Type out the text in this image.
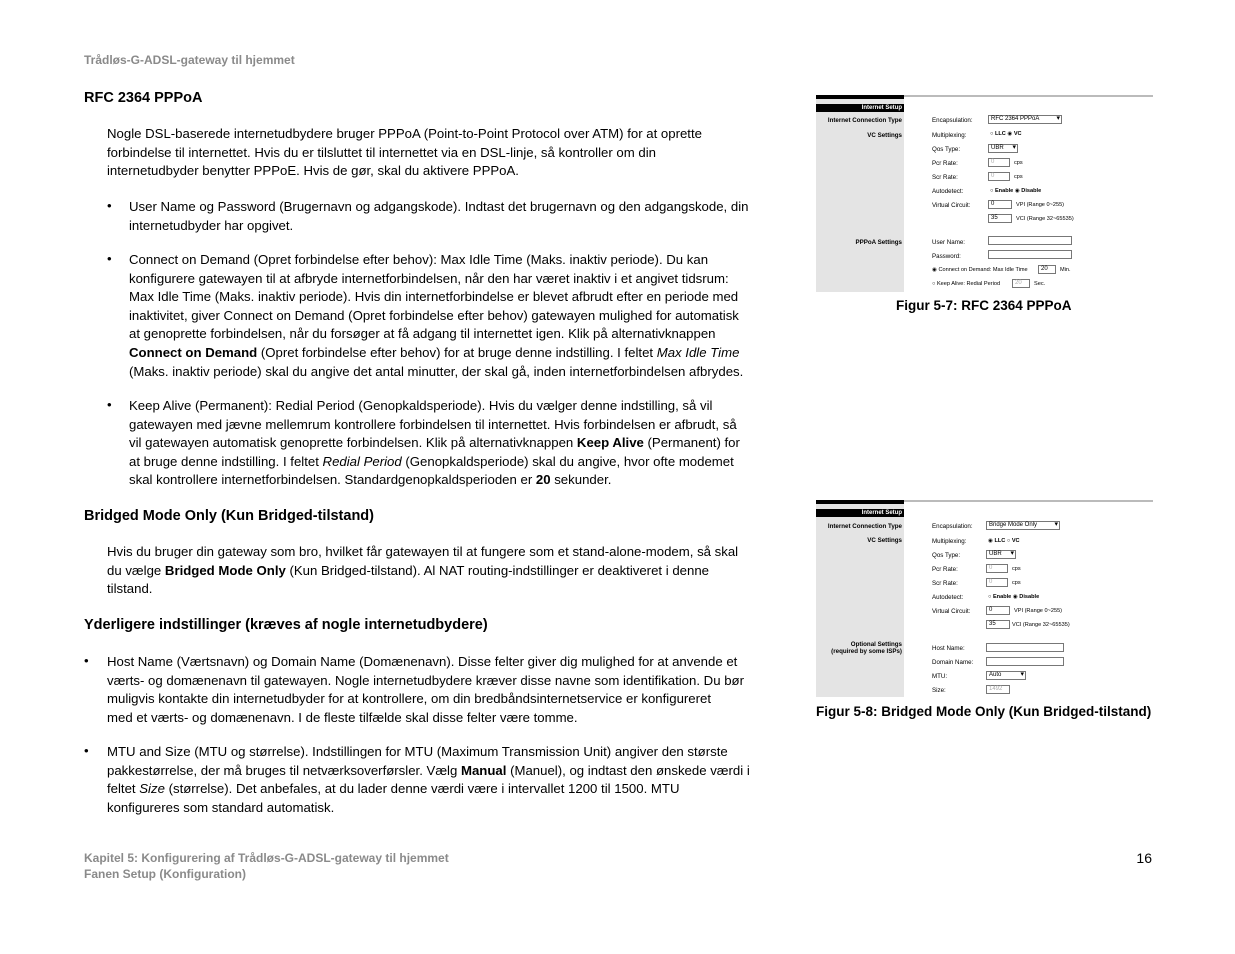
Trådløs-G-ADSL-gateway til hjemmet
RFC 2364 PPPoA
Nogle DSL-baserede internetudbydere bruger PPPoA (Point-to-Point Protocol over ATM) for at oprette
forbindelse til internettet. Hvis du er tilsluttet til internettet via en DSL-linje, så kontroller om din
internetudbyder benytter PPPoE. Hvis de gør, skal du aktivere PPPoA.
• User Name og Password (Brugernavn og adgangskode). Indtast det brugernavn og den adgangskode, din
internetudbyder har opgivet.
• Connect on Demand (Opret forbindelse efter behov): Max Idle Time (Maks. inaktiv periode). Du kan
konfigurere gatewayen til at afbryde internetforbindelsen, når den har været inaktiv i et angivet tidsrum:
Max Idle Time (Maks. inaktiv periode). Hvis din internetforbindelse er blevet afbrudt efter en periode med
inaktivitet, giver Connect on Demand (Opret forbindelse efter behov) gatewayen mulighed for automatisk
at genoprette forbindelsen, når du forsøger at få adgang til internettet igen. Klik på alternativknappen
Connect on Demand (Opret forbindelse efter behov) for at bruge denne indstilling. I feltet Max Idle Time
(Maks. inaktiv periode) skal du angive det antal minutter, der skal gå, inden internetforbindelsen afbrydes.
• Keep Alive (Permanent): Redial Period (Genopkaldsperiode). Hvis du vælger denne indstilling, så vil
gatewayen med jævne mellemrum kontrollere forbindelsen til internettet. Hvis forbindelsen er afbrudt, så
vil gatewayen automatisk genoprette forbindelsen. Klik på alternativknappen Keep Alive (Permanent) for
at bruge denne indstilling. I feltet Redial Period (Genopkaldsperiode) skal du angive, hvor ofte modemet
skal kontrollere internetforbindelsen. Standardgenopkaldsperioden er 20 sekunder.
Bridged Mode Only (Kun Bridged-tilstand)
Hvis du bruger din gateway som bro, hvilket får gatewayen til at fungere som et stand-alone-modem, så skal
du vælge Bridged Mode Only (Kun Bridged-tilstand). Al NAT routing-indstillinger er deaktiveret i denne
tilstand.
Yderligere indstillinger (kræves af nogle internetudbydere)
• Host Name (Værtsnavn) og Domain Name (Domænenavn). Disse felter giver dig mulighed for at anvende et
værts- og domænenavn til gatewayen. Nogle internetudbydere kræver disse navne som identifikation. Du bør
muligvis kontakte din internetudbyder for at kontrollere, om din bredbåndsinternetservice er konfigureret
med et værts- og domænenavn. I de fleste tilfælde skal disse felter være tomme.
• MTU and Size (MTU og størrelse). Indstillingen for MTU (Maximum Transmission Unit) angiver den største
pakkestørrelse, der må bruges til netværksoverførsler. Vælg Manual (Manuel), og indtast den ønskede værdi i
feltet Size (størrelse). Det anbefales, at du lader denne værdi være i intervallet 1200 til 1500. MTU
konfigureres som standard automatisk.
Internet Setup
Internet Connection Type
VC Settings
PPPoA Settings
Encapsulation:	RFC 2364 PPPoA ▾
Multiplexing:	○ LLC ◉ VC
Qos Type:	UBR ▾
Pcr Rate:	0	cps
Scr Rate:	0	cps
Autodetect:	○ Enable ◉ Disable
Virtual Circuit:	0	VPI (Range 0~255)
35	VCI (Range 32~65535)
User Name:
Password:
◉ Connect on Demand: Max Idle Time	20	Min.
○ Keep Alive: Redial Period	20	Sec.
Figur 5-7: RFC 2364 PPPoA
Internet Setup
Internet Connection Type
VC Settings
Optional Settings
(required by some ISPs)
Encapsulation:	Bridge Mode Only ▾
Multiplexing:	◉ LLC ○ VC
Qos Type:	UBR ▾
Pcr Rate:	0	cps
Scr Rate:	0	cps
Autodetect:	○ Enable ◉ Disable
Virtual Circuit:	0	VPI (Range 0~255)
35	VCI (Range 32~65535)
Host Name:
Domain Name:
MTU:	Auto ▾
Size:	1492
Figur 5-8: Bridged Mode Only (Kun Bridged-tilstand)
Kapitel 5: Konfigurering af Trådløs-G-ADSL-gateway til hjemmet
Fanen Setup (Konfiguration)
16
